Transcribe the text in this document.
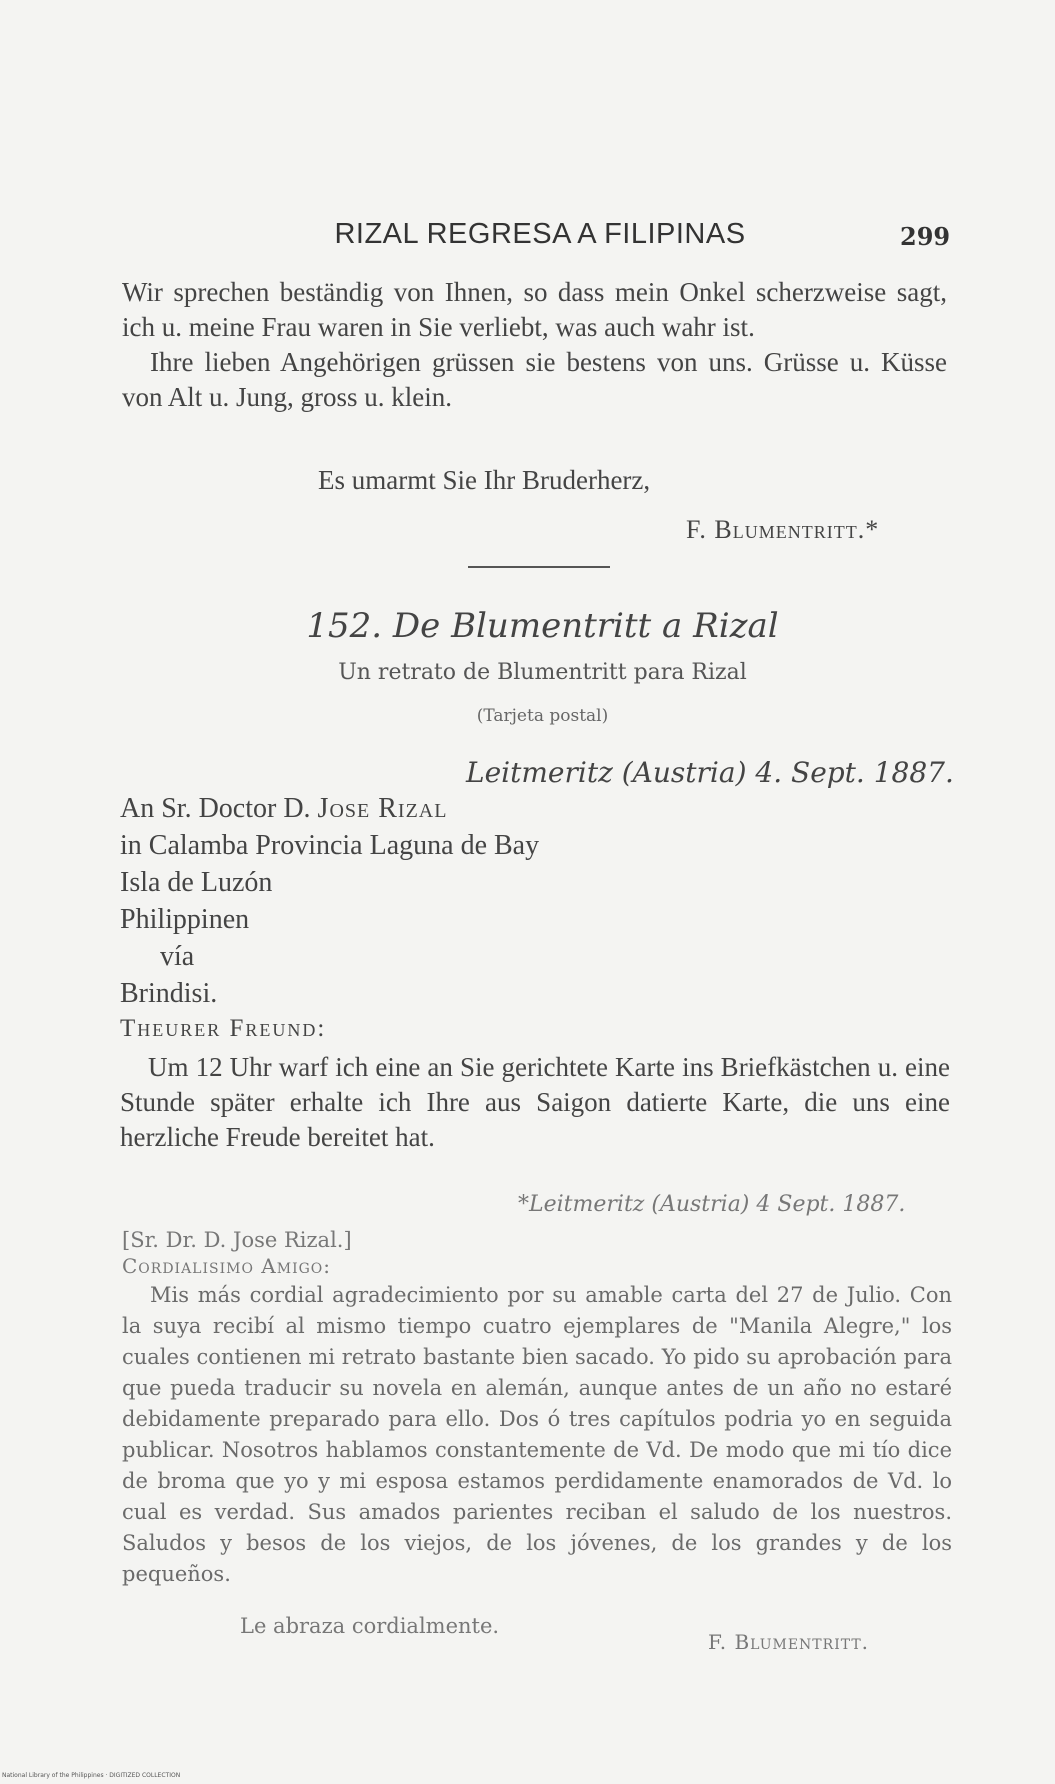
RIZAL REGRESA A FILIPINAS	299
Wir sprechen beständig von Ihnen, so dass mein Onkel scherzweise sagt, ich u. meine Frau waren in Sie verliebt, was auch wahr ist.
Ihre lieben Angehörigen grüssen sie bestens von uns. Grüsse u. Küsse von Alt u. Jung, gross u. klein.
Es umarmt Sie Ihr Bruderherz,
F. Blumentritt.*
152. De Blumentritt a Rizal
Un retrato de Blumentritt para Rizal
(Tarjeta postal)
Leitmeritz (Austria) 4. Sept. 1887.
An Sr. Doctor D. Jose Rizal
in Calamba Provincia Laguna de Bay
Isla de Luzón
Philippinen
vía
Brindisi.
Theurer Freund:
Um 12 Uhr warf ich eine an Sie gerichtete Karte ins Briefkästchen u. eine Stunde später erhalte ich Ihre aus Saigon datierte Karte, die uns eine herzliche Freude bereitet hat.
*Leitmeritz (Austria) 4 Sept. 1887.
[Sr. Dr. D. Jose Rizal.]
Cordialisimo Amigo:
Mis más cordial agradecimiento por su amable carta del 27 de Julio. Con la suya recibí al mismo tiempo cuatro ejemplares de "Manila Alegre," los cuales contienen mi retrato bastante bien sacado. Yo pido su aprobación para que pueda traducir su novela en alemán, aunque antes de un año no estaré debidamente preparado para ello. Dos ó tres capítulos podria yo en seguida publicar. Nosotros hablamos constantemente de Vd. De modo que mi tío dice de broma que yo y mi esposa estamos perdidamente enamorados de Vd. lo cual es verdad. Sus amados parientes reciban el saludo de los nuestros. Saludos y besos de los viejos, de los jóvenes, de los grandes y de los pequeños.
Le abraza cordialmente.
F. Blumentritt.
National Library of the Philippines · DIGITIZED COLLECTION
